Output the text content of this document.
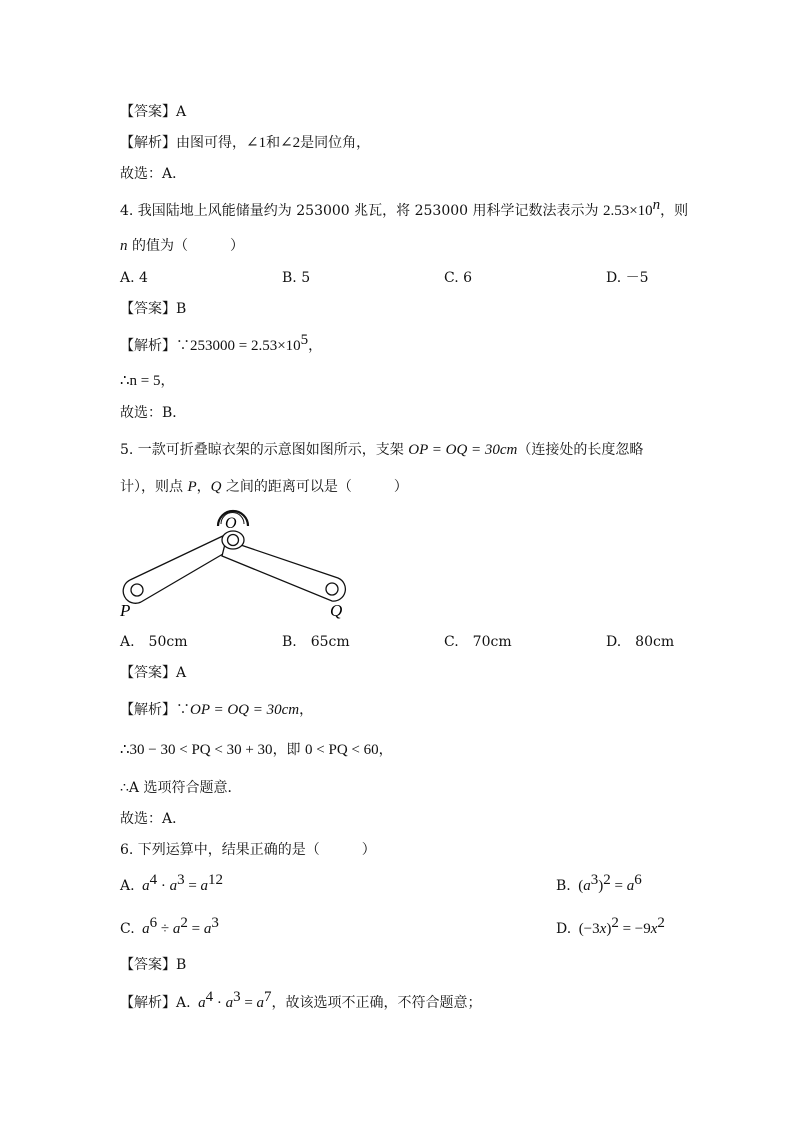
【答案】A
【解析】由图可得，∠1和∠2是同位角，
故选：A．
4. 我国陆地上风能储量约为 253000 兆瓦，将 253000 用科学记数法表示为 $2.53\times 10^n$，则
n 的值为（　　　）
A. 4	B. 5	C. 6	D. －5
【答案】B
【解析】∵253000 = $2.53\times 10^5$，
∴n = 5，
故选：B．
5. 一款可折叠晾衣架的示意图如图所示，支架 OP = OQ = 30cm（连接处的长度忽略
计），则点 P，Q 之间的距离可以是（　　　）
O
P	Q
A.　50cm	B.　65cm	C.　70cm	D.　80cm
【答案】A
【解析】∵OP = OQ = 30cm，
∴30 − 30 < PQ < 30 + 30，即 0 < PQ < 60，
∴A 选项符合题意．
故选：A．
6. 下列运算中，结果正确的是（　　　）
A.  $a^4 \cdot a^3 = a^{12}$	B.  $(a^3)^2 = a^6$
C.  $a^6 \div a^2 = a^3$	D.  $(-3x)^2 = -9x^2$
【答案】B
【解析】A.  $a^4 \cdot a^3 = a^7$，故该选项不正确，不符合题意；
